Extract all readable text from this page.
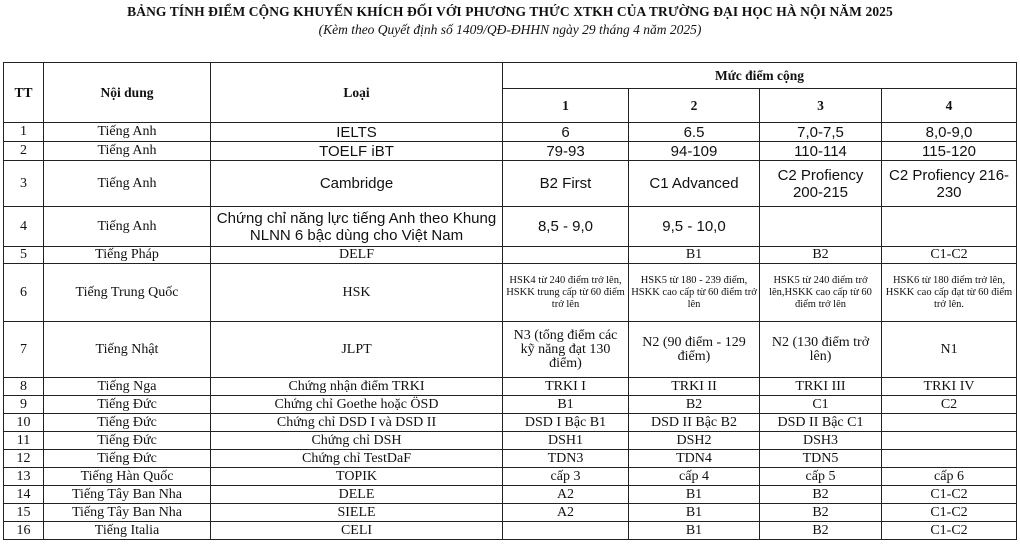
BẢNG TÍNH ĐIỂM CỘNG KHUYẾN KHÍCH ĐỐI VỚI PHƯƠNG THỨC XTKH CỦA TRƯỜNG ĐẠI HỌC HÀ NỘI NĂM 2025
(Kèm theo Quyết định số 1409/QĐ-ĐHHN ngày 29 tháng 4 năm 2025)
TT	Nội dung	Loại	Mức điểm cộng			
			1	2	3	4
1	Tiếng Anh	IELTS	6	6.5	7,0-7,5	8,0-9,0
2	Tiếng Anh	TOELF iBT	79-93	94-109	110-114	115-120
3	Tiếng Anh	Cambridge	B2 First	C1 Advanced	C2 Profiency 200-215	C2 Profiency 216-230
4	Tiếng Anh	Chứng chỉ năng lực tiếng Anh theo Khung NLNN 6 bậc dùng cho Việt Nam	8,5 - 9,0	9,5 - 10,0		
5	Tiếng Pháp	DELF		B1	B2	C1-C2
6	Tiếng Trung Quốc	HSK	HSK4 từ 240 điểm trở lên, HSKK trung cấp từ 60 điểm trở lên	HSK5 từ 180 - 239 điểm, HSKK cao cấp từ 60 điểm trở lên	HSK5 từ 240 điểm trở lên,HSKK cao cấp từ 60 điểm trở lên	HSK6 từ 180 điểm trở lên, HSKK cao cấp đạt từ 60 điểm trở lên.
7	Tiếng Nhật	JLPT	N3 (tổng điểm các kỹ năng đạt 130 điểm)	N2 (90 điểm - 129 điểm)	N2 (130 điểm trở lên)	N1
8	Tiếng Nga	Chứng nhận điểm TRKI	TRKI I	TRKI II	TRKI III	TRKI IV
9	Tiếng Đức	Chứng chỉ Goethe hoặc ÖSD	B1	B2	C1	C2
10	Tiếng Đức	Chứng chỉ DSD I và DSD II	DSD I Bậc B1	DSD II Bậc B2	DSD II Bậc C1	
11	Tiếng Đức	Chứng chỉ DSH	DSH1	DSH2	DSH3	
12	Tiếng Đức	Chứng chỉ TestDaF	TDN3	TDN4	TDN5	
13	Tiếng Hàn Quốc	TOPIK	cấp 3	cấp 4	cấp 5	cấp 6
14	Tiếng Tây Ban Nha	DELE	A2	B1	B2	C1-C2
15	Tiếng Tây Ban Nha	SIELE	A2	B1	B2	C1-C2
16	Tiếng Italia	CELI		B1	B2	C1-C2
